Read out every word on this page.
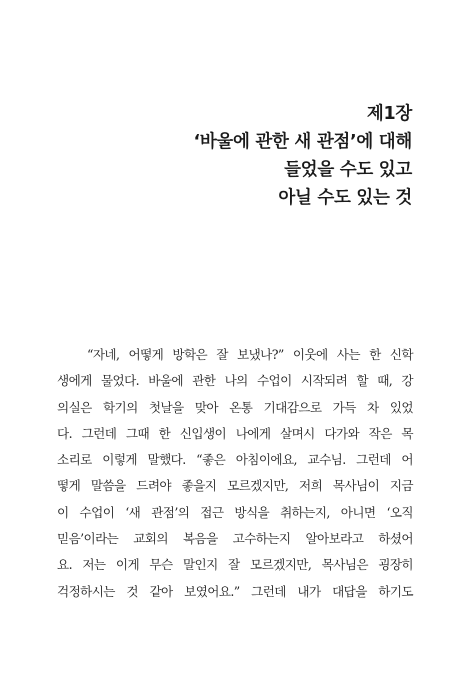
제1장
‘바울에 관한 새 관점’에 대해
들었을 수도 있고
아닐 수도 있는 것
“자네, 어떻게 방학은 잘 보냈나?” 이웃에 사는 한 신학
생에게 물었다. 바울에 관한 나의 수업이 시작되려 할 때, 강
의실은 학기의 첫날을 맞아 온통 기대감으로 가득 차 있었
다. 그런데 그때 한 신입생이 나에게 살며시 다가와 작은 목
소리로 이렇게 말했다. “좋은 아침이에요, 교수님. 그런데 어
떻게 말씀을 드려야 좋을지 모르겠지만, 저희 목사님이 지금
이 수업이 ‘새 관점’의 접근 방식을 취하는지, 아니면 ‘오직
믿음’이라는 교회의 복음을 고수하는지 알아보라고 하셨어
요. 저는 이게 무슨 말인지 잘 모르겠지만, 목사님은 굉장히
걱정하시는 것 같아 보였어요.” 그런데 내가 대답을 하기도
